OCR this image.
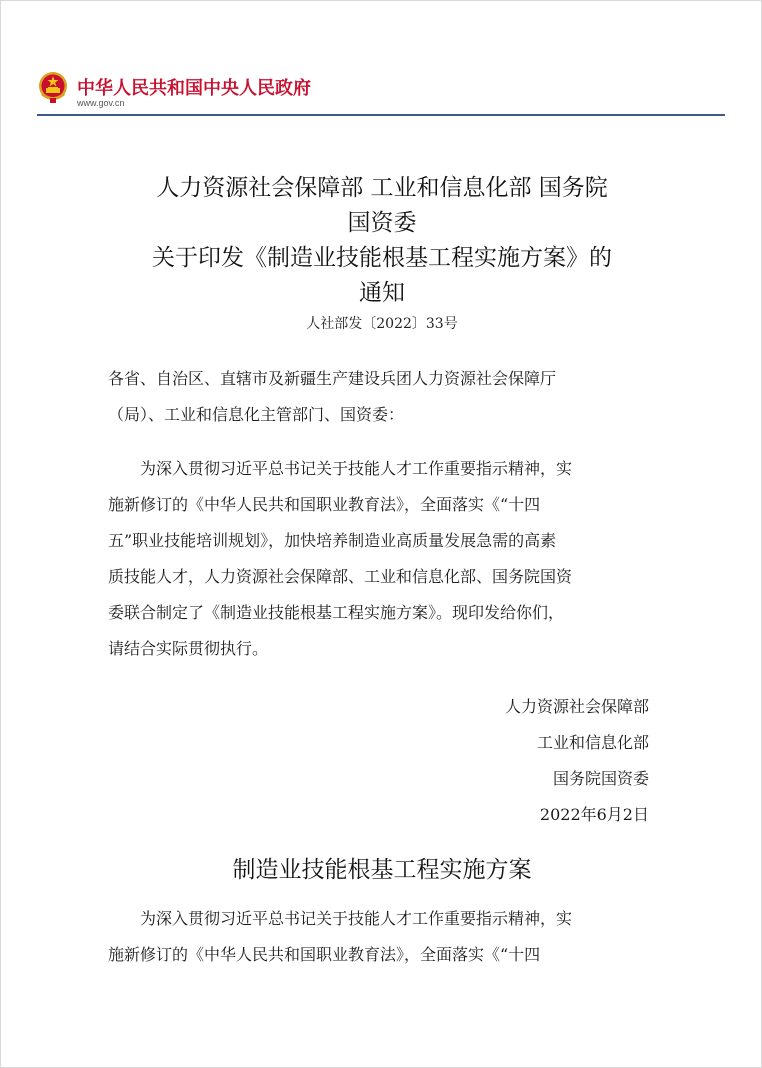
中华人民共和国中央人民政府
www.gov.cn
人力资源社会保障部 工业和信息化部 国务院
国资委
关于印发《制造业技能根基工程实施方案》的
通知
人社部发〔2022〕33号
各省、自治区、直辖市及新疆生产建设兵团人力资源社会保障厅
（局）、工业和信息化主管部门、国资委：
为深入贯彻习近平总书记关于技能人才工作重要指示精神，实
施新修订的《中华人民共和国职业教育法》，全面落实《“十四
五”职业技能培训规划》，加快培养制造业高质量发展急需的高素
质技能人才，人力资源社会保障部、工业和信息化部、国务院国资
委联合制定了《制造业技能根基工程实施方案》。现印发给你们，
请结合实际贯彻执行。
人力资源社会保障部
工业和信息化部
国务院国资委
2022年6月2日
制造业技能根基工程实施方案
为深入贯彻习近平总书记关于技能人才工作重要指示精神，实
施新修订的《中华人民共和国职业教育法》，全面落实《“十四
